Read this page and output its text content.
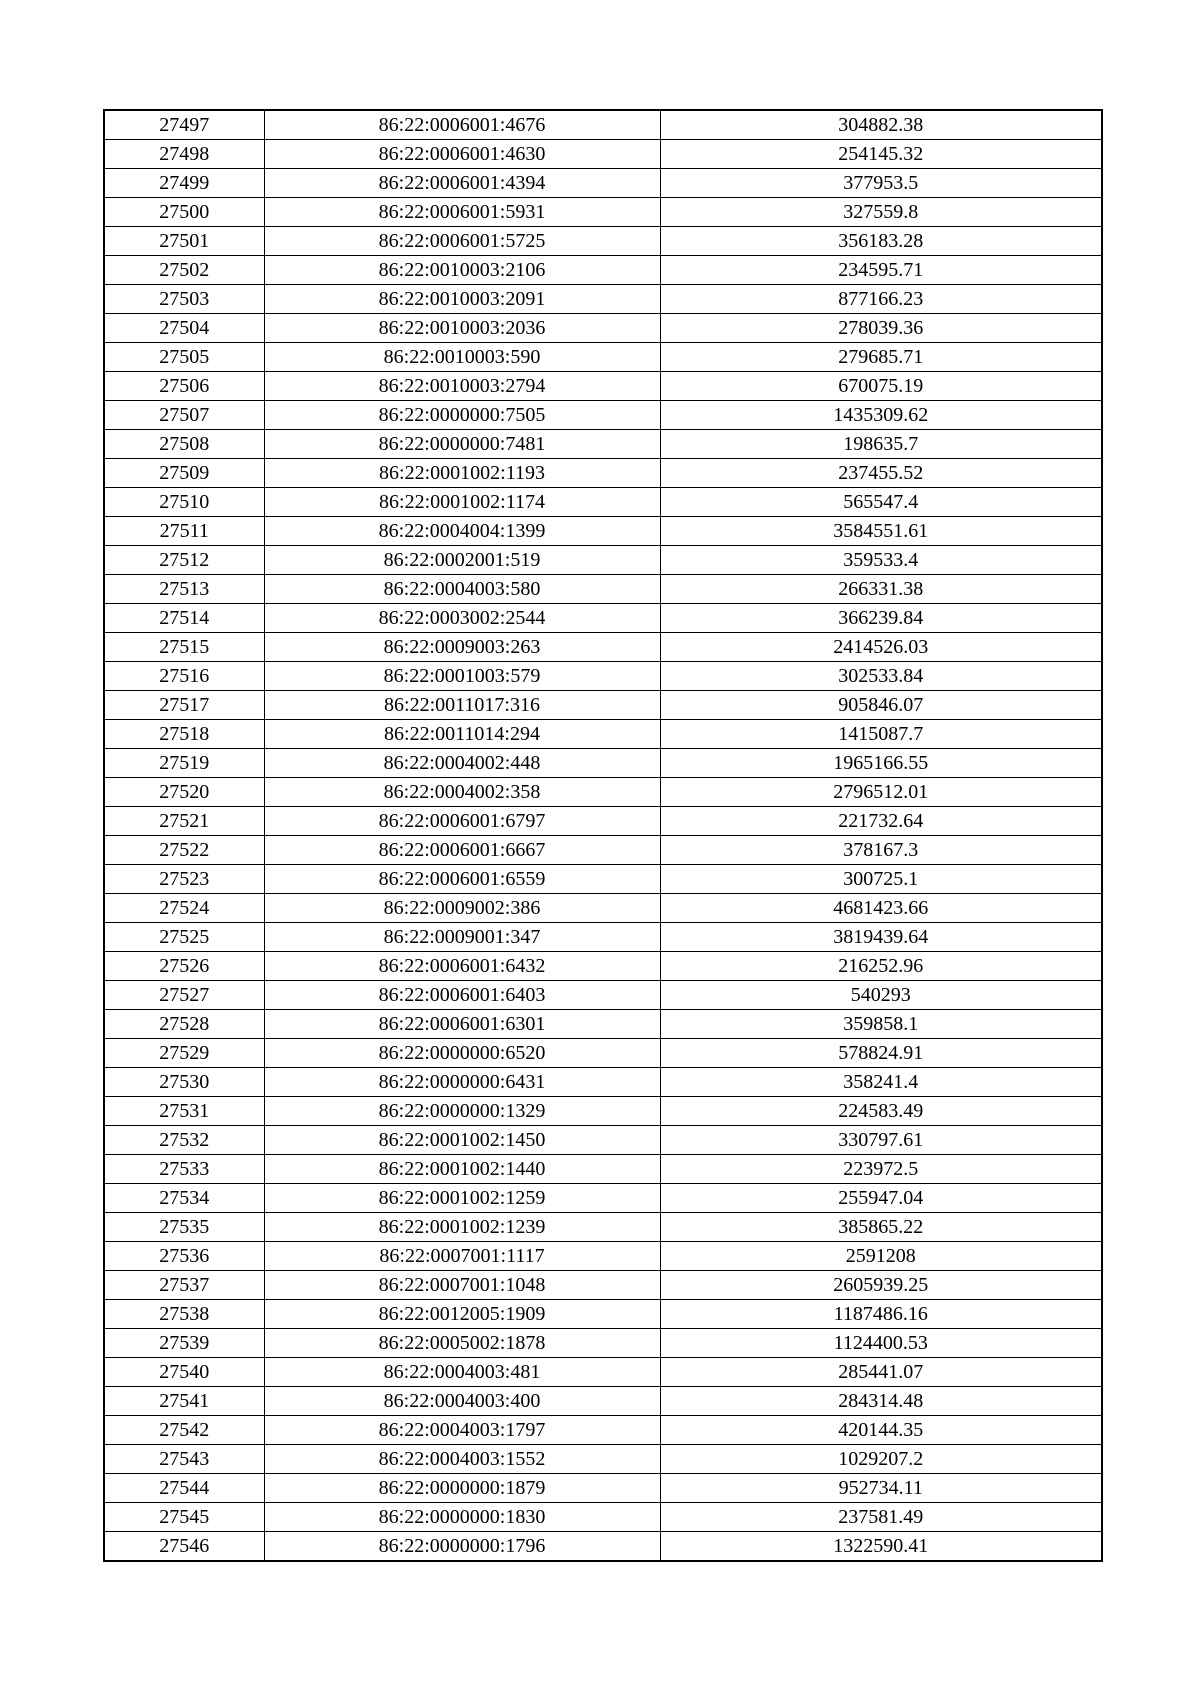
27497	86:22:0006001:4676	304882.38
27498	86:22:0006001:4630	254145.32
27499	86:22:0006001:4394	377953.5
27500	86:22:0006001:5931	327559.8
27501	86:22:0006001:5725	356183.28
27502	86:22:0010003:2106	234595.71
27503	86:22:0010003:2091	877166.23
27504	86:22:0010003:2036	278039.36
27505	86:22:0010003:590	279685.71
27506	86:22:0010003:2794	670075.19
27507	86:22:0000000:7505	1435309.62
27508	86:22:0000000:7481	198635.7
27509	86:22:0001002:1193	237455.52
27510	86:22:0001002:1174	565547.4
27511	86:22:0004004:1399	3584551.61
27512	86:22:0002001:519	359533.4
27513	86:22:0004003:580	266331.38
27514	86:22:0003002:2544	366239.84
27515	86:22:0009003:263	2414526.03
27516	86:22:0001003:579	302533.84
27517	86:22:0011017:316	905846.07
27518	86:22:0011014:294	1415087.7
27519	86:22:0004002:448	1965166.55
27520	86:22:0004002:358	2796512.01
27521	86:22:0006001:6797	221732.64
27522	86:22:0006001:6667	378167.3
27523	86:22:0006001:6559	300725.1
27524	86:22:0009002:386	4681423.66
27525	86:22:0009001:347	3819439.64
27526	86:22:0006001:6432	216252.96
27527	86:22:0006001:6403	540293
27528	86:22:0006001:6301	359858.1
27529	86:22:0000000:6520	578824.91
27530	86:22:0000000:6431	358241.4
27531	86:22:0000000:1329	224583.49
27532	86:22:0001002:1450	330797.61
27533	86:22:0001002:1440	223972.5
27534	86:22:0001002:1259	255947.04
27535	86:22:0001002:1239	385865.22
27536	86:22:0007001:1117	2591208
27537	86:22:0007001:1048	2605939.25
27538	86:22:0012005:1909	1187486.16
27539	86:22:0005002:1878	1124400.53
27540	86:22:0004003:481	285441.07
27541	86:22:0004003:400	284314.48
27542	86:22:0004003:1797	420144.35
27543	86:22:0004003:1552	1029207.2
27544	86:22:0000000:1879	952734.11
27545	86:22:0000000:1830	237581.49
27546	86:22:0000000:1796	1322590.41
